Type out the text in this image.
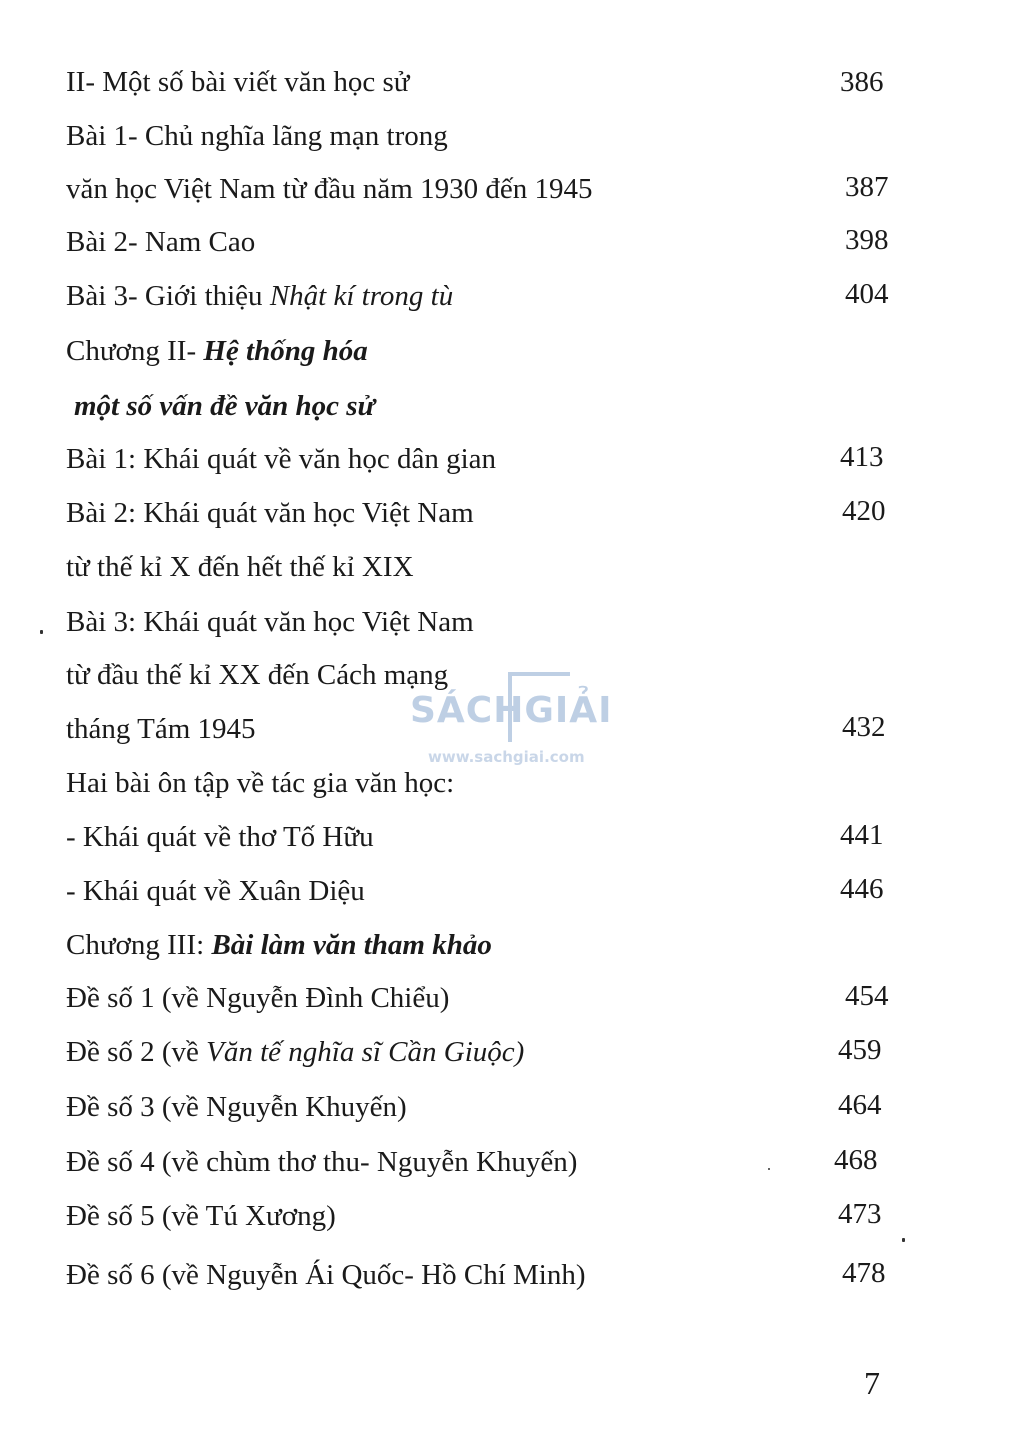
II- Một số bài viết văn học sử	386
Bài 1- Chủ nghĩa lãng mạn trong
văn học Việt Nam từ đầu năm 1930 đến 1945	387
Bài 2- Nam Cao	398
Bài 3- Giới thiệu Nhật kí trong tù	404
Chương II- Hệ thống hóa
một số vấn đề văn học sử
Bài 1: Khái quát về văn học dân gian	413
Bài 2: Khái quát văn học Việt Nam	420
từ thế kỉ X đến hết thế kỉ XIX
Bài 3: Khái quát văn học Việt Nam
từ đầu thế kỉ XX đến Cách mạng
tháng Tám 1945	432
Hai bài ôn tập về tác gia văn học:
- Khái quát về thơ Tố Hữu	441
- Khái quát về Xuân Diệu	446
Chương III: Bài làm văn tham khảo
Đề số 1 (về Nguyễn Đình Chiểu)	454
Đề số 2 (về Văn tế nghĩa sĩ Cần Giuộc)	459
Đề số 3 (về Nguyễn Khuyến)	464
Đề số 4 (về chùm thơ thu- Nguyễn Khuyến)	468
Đề số 5 (về Tú Xương)	473
Đề số 6 (về Nguyễn Ái Quốc- Hồ Chí Minh)	478
7
SÁCHGIẢI
www.sachgiai.com
